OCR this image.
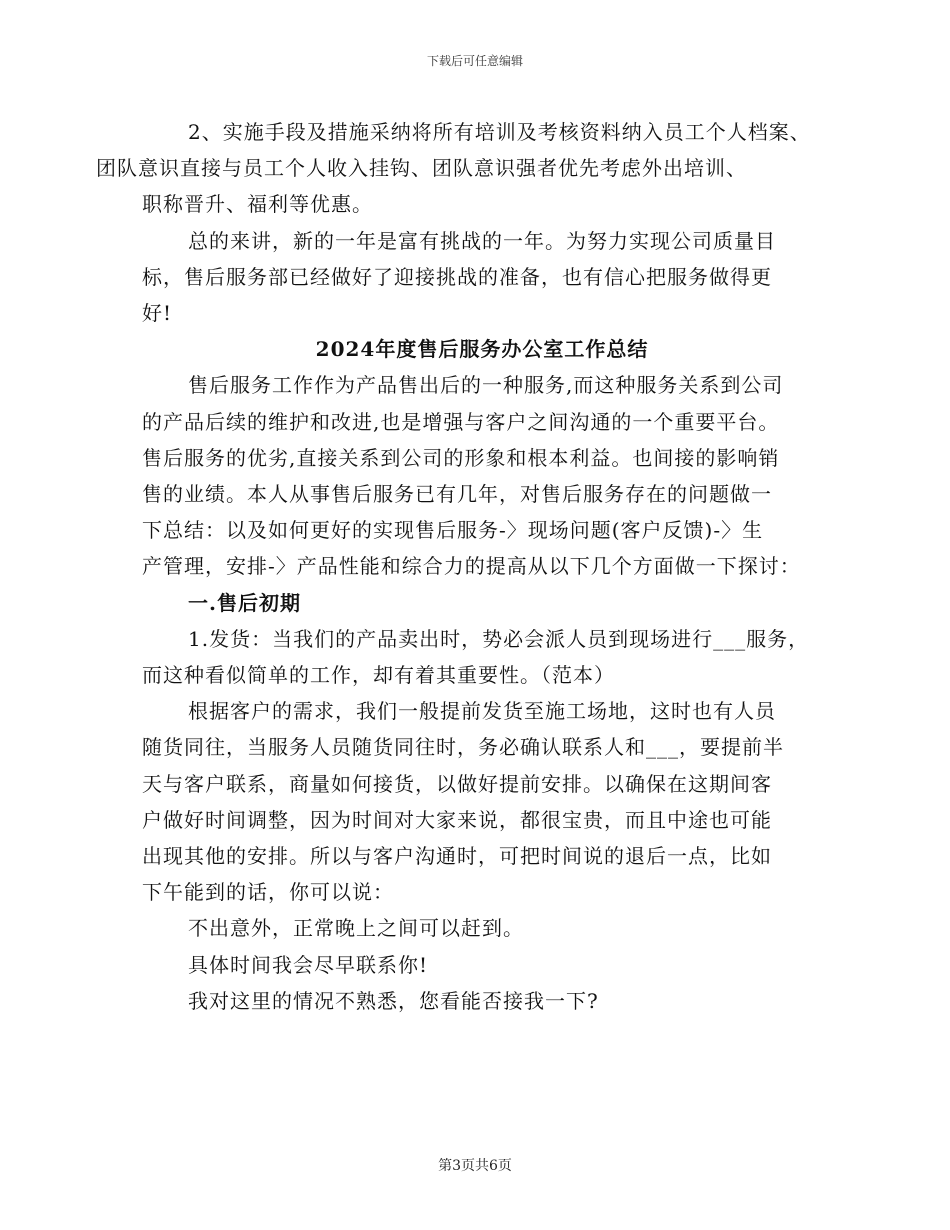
下载后可任意编辑

2、实施手段及措施采纳将所有培训及考核资料纳入员工个人档案、
团队意识直接与员工个人收入挂钩、团队意识强者优先考虑外出培训、
职称晋升、福利等优惠。

总的来讲，新的一年是富有挑战的一年。为努力实现公司质量目
标，售后服务部已经做好了迎接挑战的准备，也有信心把服务做得更
好!

2024年度售后服务办公室工作总结

售后服务工作作为产品售出后的一种服务,而这种服务关系到公司
的产品后续的维护和改进,也是增强与客户之间沟通的一个重要平台。
售后服务的优劣,直接关系到公司的形象和根本利益。也间接的影响销
售的业绩。本人从事售后服务已有几年，对售后服务存在的问题做一
下总结：以及如何更好的实现售后服务-〉现场问题(客户反馈)-〉生
产管理，安排-〉产品性能和综合力的提高从以下几个方面做一下探讨：

一.售后初期

1.发货：当我们的产品卖出时，势必会派人员到现场进行___服务，
而这种看似简单的工作，却有着其重要性。（范本）

根据客户的需求，我们一般提前发货至施工场地，这时也有人员
随货同往，当服务人员随货同往时，务必确认联系人和___，要提前半
天与客户联系，商量如何接货，以做好提前安排。以确保在这期间客
户做好时间调整，因为时间对大家来说，都很宝贵，而且中途也可能
出现其他的安排。所以与客户沟通时，可把时间说的退后一点，比如
下午能到的话，你可以说：

不出意外，正常晚上之间可以赶到。

具体时间我会尽早联系你!

我对这里的情况不熟悉，您看能否接我一下?

第3页共6页
